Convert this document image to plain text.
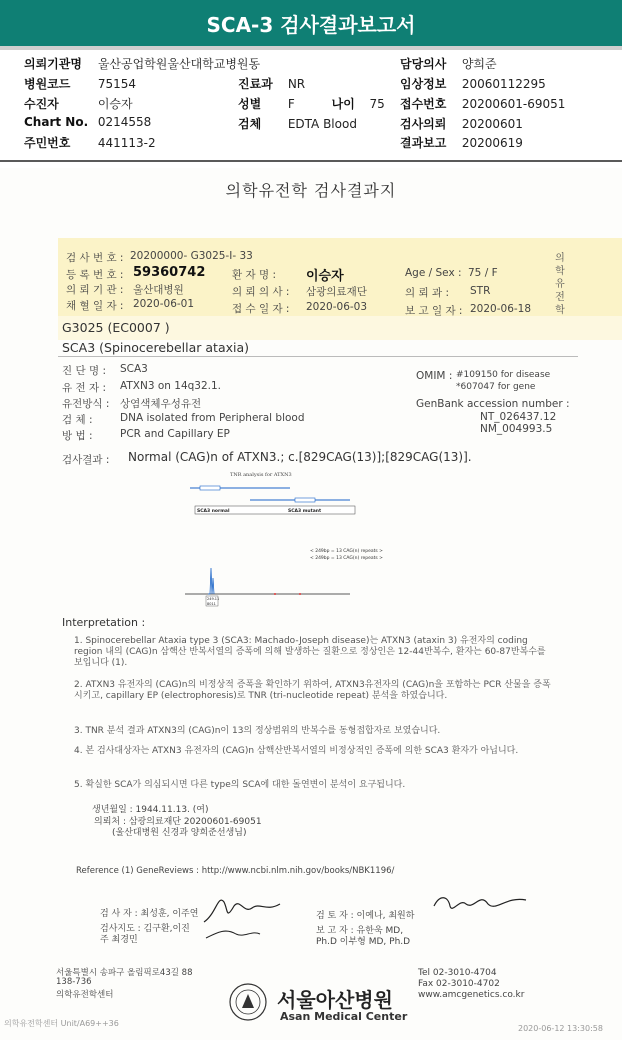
SCA-3 검사결과보고서
의뢰기관명 울산공업학원울산대학교병원동
병원코드 75154
수진자	이승자
Chart No. 0214558
주민번호 441113-2
진료과 NR
성별 F	나이 75
검체 EDTA Blood
담당의사 양희준
임상정보 20060112295
접수번호 20200601-69051
검사의뢰 20200601
결과보고 20200619
의학유전학 검사결과지
의 학 유 전 학
검 사 번 호 : 20200000- G3025-I- 33
등 록 번 호 : 59360742	환 자 명 : 이승자	Age / Sex : 75 / F
의 뢰 기 관 : 울산대병원	의 뢰 의 사 : 삼광의료재단	의 뢰 과 : STR
채 혈 일 자 : 2020-06-01	접 수 일 자 : 2020-06-03	보 고 일 자 : 2020-06-18
G3025 (EC0007 )
SCA3 (Spinocerebellar ataxia)
진 단 명 : SCA3
유 전 자 : ATXN3 on 14q32.1.
유전방식 : 상염색체우성유전
검 체 :	DNA isolated from Peripheral blood
방 법 :	PCR and Capillary EP
OMIM : #109150 for disease
*607047 for gene
GenBank accession number :
NT_026437.12
NM_004993.5
검사결과 : Normal (CAG)n of ATXN3.; c.[829CAG(13)];[829CAG(13)].
TNR analysis for ATXN3
SCA3 normal	SCA3 mutant
< 249bp = 13 CAG(n) repeats >
< 249bp = 13 CAG(n) repeats >
249.11
8011
Interpretation :

1. Spinocerebellar Ataxia type 3 (SCA3: Machado-Joseph disease)는 ATXN3 (ataxin 3) 유전자의 coding region 내의 (CAG)n 삼핵산 반복서열의 증폭에 의해 발생하는 질환으로 정상인은 12-44반복수, 환자는 60-87반복수를 보입니다 (1).

2. ATXN3 유전자의 (CAG)n의 비정상적 증폭을 확인하기 위하여, ATXN3유전자의 (CAG)n을 포함하는 PCR 산물을 증폭시키고, capillary EP (electrophoresis)로 TNR (tri-nucleotide repeat) 분석을 하였습니다.

3. TNR 분석 결과 ATXN3의 (CAG)n이 13의 정상범위의 반복수를 동형접합자로 보였습니다.

4. 본 검사대상자는 ATXN3 유전자의 (CAG)n 삼핵산반복서열의 비정상적인 증폭에 의한 SCA3 환자가 아닙니다.

5. 확실한 SCA가 의심되시면 다른 type의 SCA에 대한 돌연변이 분석이 요구됩니다.

생년월일 : 1944.11.13. (여)
의뢰처 : 삼광의료재단 20200601-69051
(울산대병원 신경과 양희준선생님)
Reference (1) GeneReviews : http://www.ncbi.nlm.nih.gov/books/NBK1196/
검 사 자 : 최성훈, 이주연
검사지도 : 김구환,이진주 최경민
검 토 자 : 이예나, 최원하
보 고 자 : 유한욱 MD, Ph.D 이부형 MD, Ph.D
서울특별시 송파구 올림픽로43길 88
138-736
의학유전학센터	서울아산병원
Asan Medical Center
Tel 02-3010-4704
Fax 02-3010-4702
www.amcgenetics.co.kr
의학유전학센터 Unit/A69++36
2020-06-12 13:30:58
